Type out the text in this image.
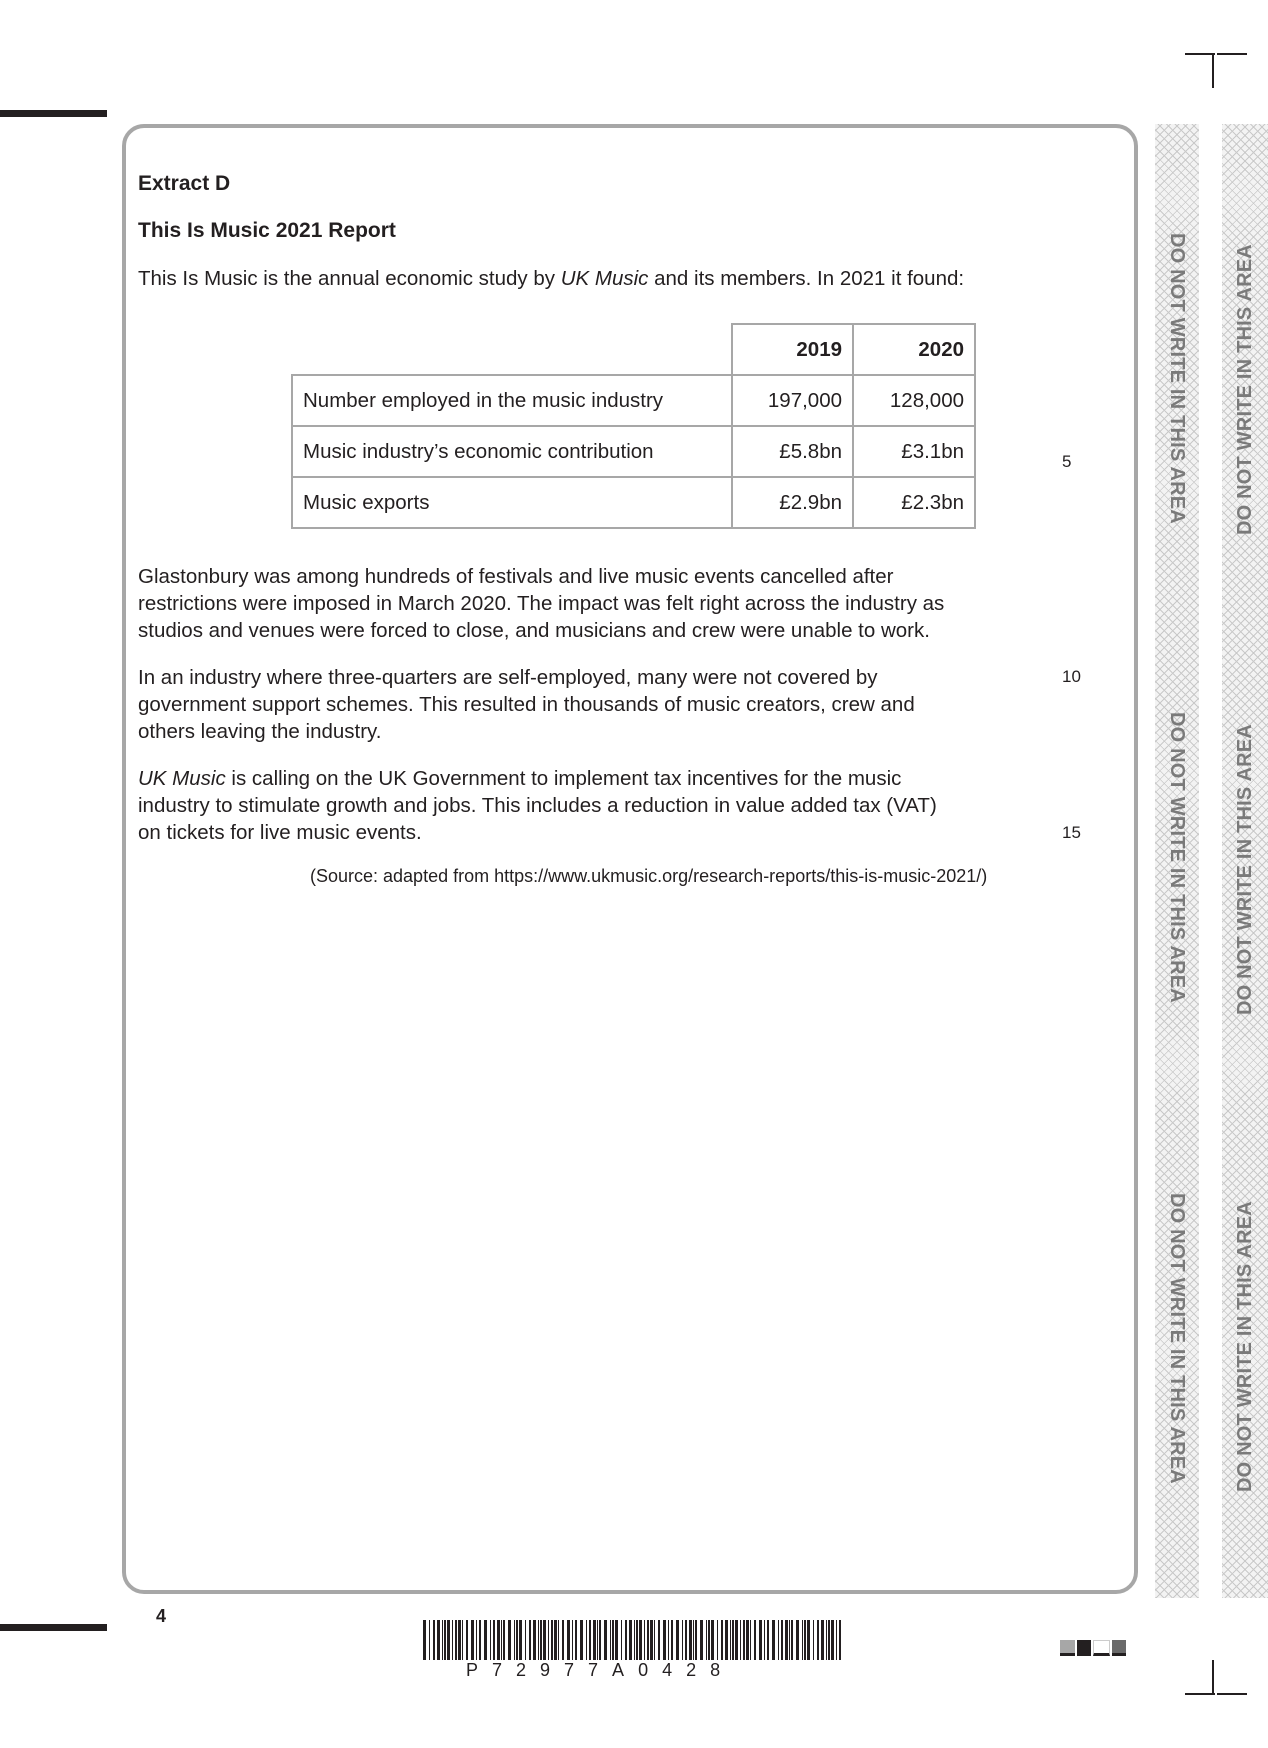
DO NOT WRITE IN THIS AREA
DO NOT WRITE IN THIS AREA
DO NOT WRITE IN THIS AREA
DO NOT WRITE IN THIS AREA
DO NOT WRITE IN THIS AREA
DO NOT WRITE IN THIS AREA
Extract D
This Is Music 2021 Report

This Is Music is the annual economic study by UK Music and its members. In 2021 it found:

	2019	2020
Number employed in the music industry	197,000	128,000
Music industry’s economic contribution	£5.8bn	£3.1bn
Music exports	£2.9bn	£2.3bn
5
10
15
Glastonbury was among hundreds of festivals and live music events cancelled after
restrictions were imposed in March 2020. The impact was felt right across the industry as
studios and venues were forced to close, and musicians and crew were unable to work.
In an industry where three-quarters are self-employed, many were not covered by
government support schemes. This resulted in thousands of music creators, crew and
others leaving the industry.
UK Music is calling on the UK Government to implement tax incentives for the music
industry to stimulate growth and jobs. This includes a reduction in value added tax (VAT)
on tickets for live music events.
(Source: adapted from https://www.ukmusic.org/research-reports/this-is-music-2021/)
4
P72977A0428
